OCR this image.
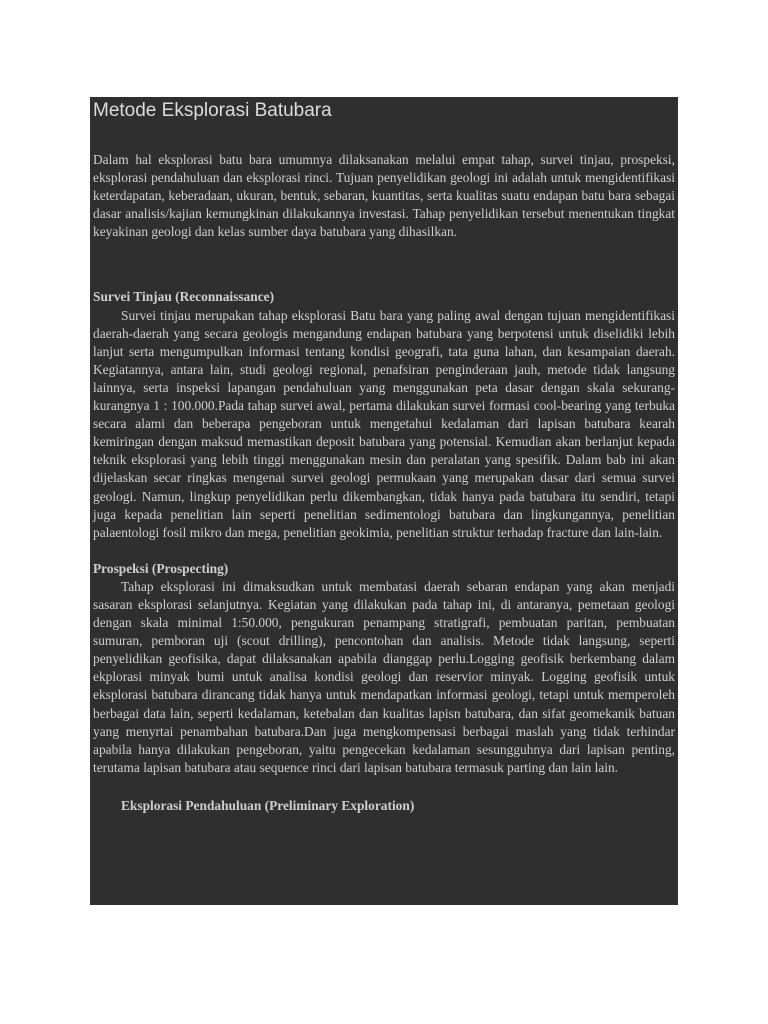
Metode Eksplorasi Batubara

Dalam hal eksplorasi batu bara umumnya dilaksanakan melalui empat tahap, survei tinjau, prospeksi, eksplorasi pendahuluan dan eksplorasi rinci. Tujuan penyelidikan geologi ini adalah untuk mengidentifikasi keterdapatan, keberadaan, ukuran, bentuk, sebaran, kuantitas, serta kualitas suatu endapan batu bara sebagai dasar analisis/kajian kemungkinan dilakukannya investasi. Tahap penyelidikan tersebut menentukan tingkat keyakinan geologi dan kelas sumber daya batubara yang dihasilkan.

Survei Tinjau (Reconnaissance)

Survei tinjau merupakan tahap eksplorasi Batu bara yang paling awal dengan tujuan mengidentifikasi daerah-daerah yang secara geologis mengandung endapan batubara yang berpotensi untuk diselidiki lebih lanjut serta mengumpulkan informasi tentang kondisi geografi, tata guna lahan, dan kesampaian daerah. Kegiatannya, antara lain, studi geologi regional, penafsiran penginderaan jauh, metode tidak langsung lainnya, serta inspeksi lapangan pendahuluan yang menggunakan peta dasar dengan skala sekurang-kurangnya 1 : 100.000.Pada tahap survei awal, pertama dilakukan survei formasi cool-bearing yang terbuka secara alami dan beberapa pengeboran untuk mengetahui kedalaman dari lapisan batubara kearah kemiringan dengan maksud memastikan deposit batubara yang potensial. Kemudian akan berlanjut kepada teknik eksplorasi yang lebih tinggi menggunakan mesin dan peralatan yang spesifik. Dalam bab ini akan dijelaskan secar ringkas mengenai survei geologi permukaan yang merupakan dasar dari semua survei geologi. Namun, lingkup penyelidikan perlu dikembangkan, tidak hanya pada batubara itu sendiri, tetapi juga kepada penelitian lain seperti penelitian sedimentologi batubara dan lingkungannya, penelitian palaentologi fosil mikro dan mega, penelitian geokimia, penelitian struktur terhadap fracture dan lain-lain.

Prospeksi (Prospecting)

Tahap eksplorasi ini dimaksudkan untuk membatasi daerah sebaran endapan yang akan menjadi sasaran eksplorasi selanjutnya. Kegiatan yang dilakukan pada tahap ini, di antaranya, pemetaan geologi dengan skala minimal 1:50.000, pengukuran penampang stratigrafi, pembuatan paritan, pembuatan sumuran, pemboran uji (scout drilling), pencontohan dan analisis. Metode tidak langsung, seperti penyelidikan geofisika, dapat dilaksanakan apabila dianggap perlu.Logging geofisik berkembang dalam ekplorasi minyak bumi untuk analisa kondisi geologi dan reservior minyak. Logging geofisik untuk eksplorasi batubara dirancang tidak hanya untuk mendapatkan informasi geologi, tetapi untuk memperoleh berbagai data lain, seperti kedalaman, ketebalan dan kualitas lapisn batubara, dan sifat geomekanik batuan yang menyrtai penambahan batubara.Dan juga mengkompensasi berbagai maslah yang tidak terhindar apabila hanya dilakukan pengeboran, yaitu pengecekan kedalaman sesungguhnya dari lapisan penting, terutama lapisan batubara atau sequence rinci dari lapisan batubara termasuk parting dan lain lain.

Eksplorasi Pendahuluan (Preliminary Exploration)
